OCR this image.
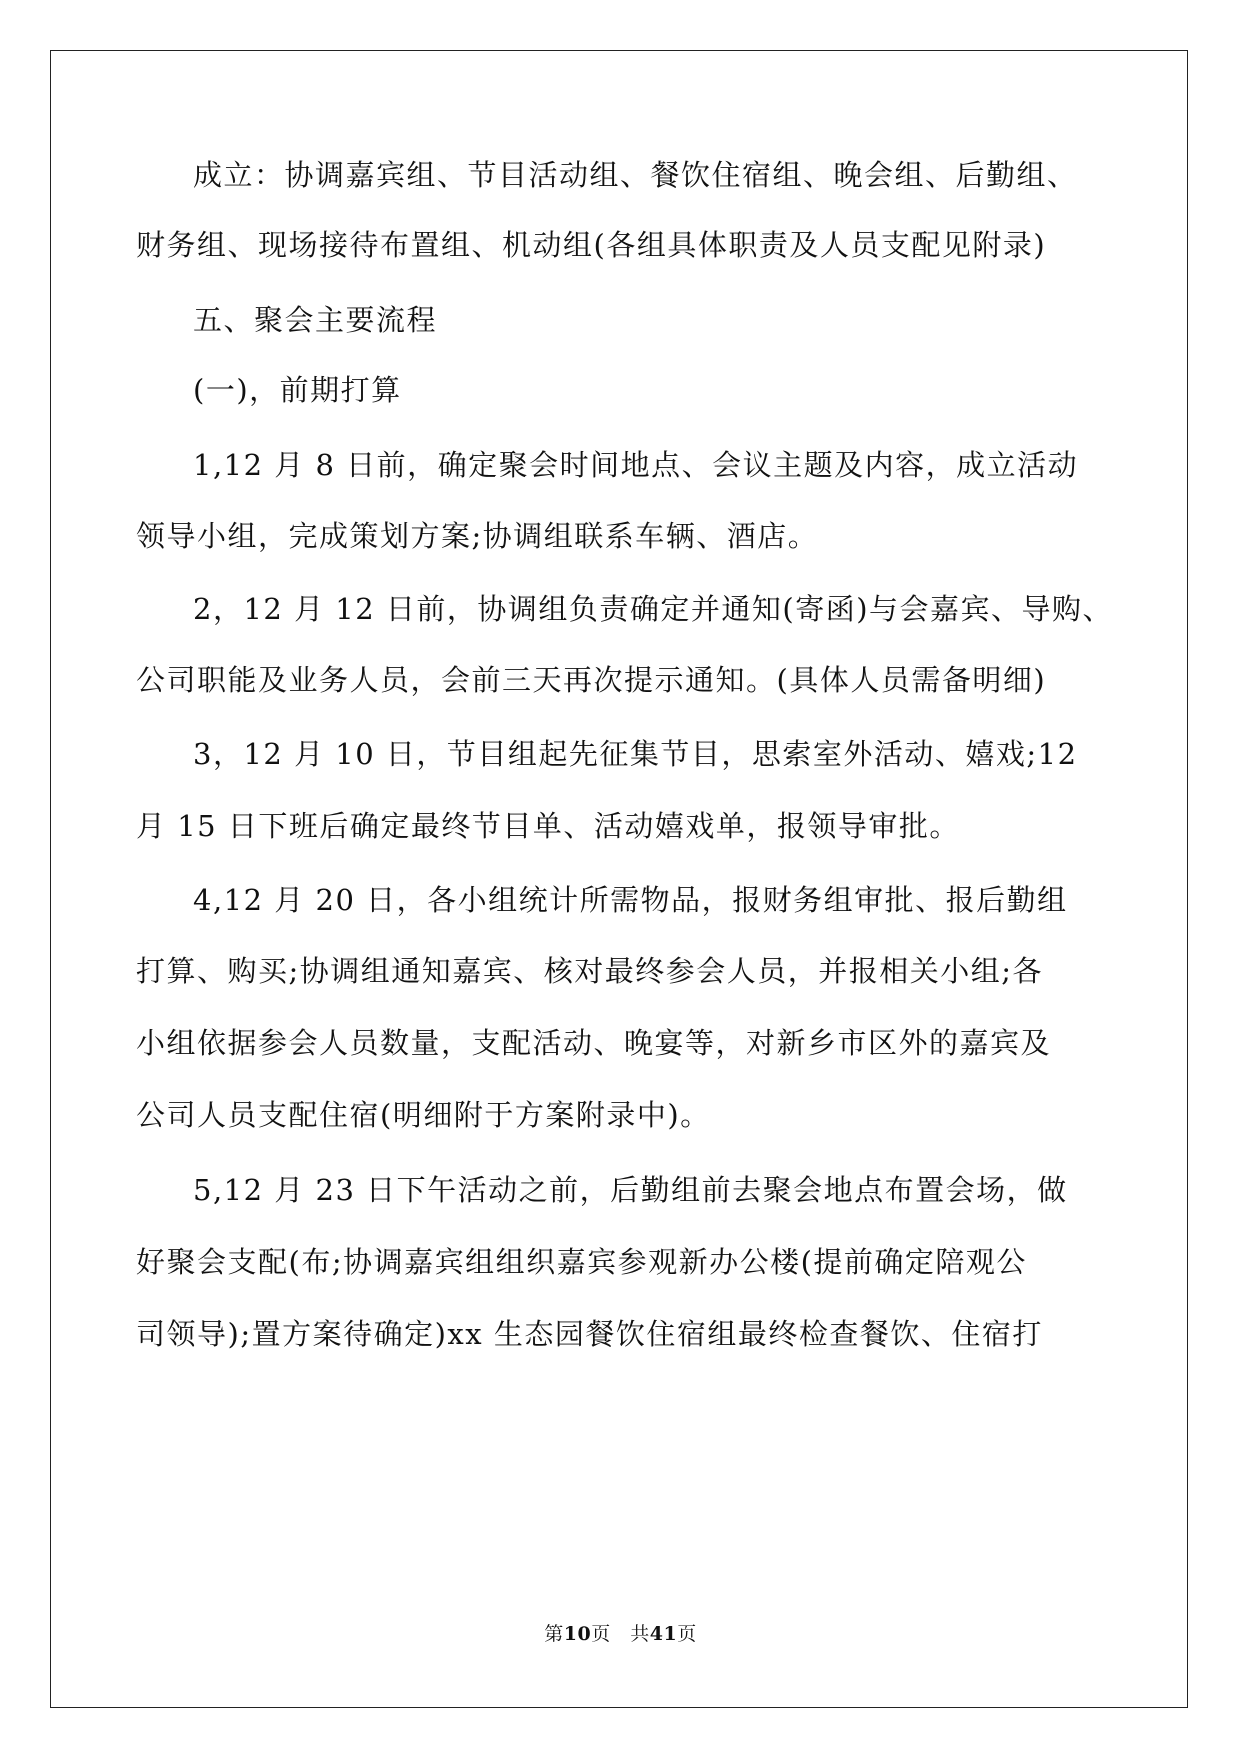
成立：协调嘉宾组、节目活动组、餐饮住宿组、晚会组、后勤组、
财务组、现场接待布置组、机动组(各组具体职责及人员支配见附录)
五、聚会主要流程
(一)，前期打算
1,12 月 8 日前，确定聚会时间地点、会议主题及内容，成立活动
领导小组，完成策划方案;协调组联系车辆、酒店。
2，12 月 12 日前，协调组负责确定并通知(寄函)与会嘉宾、导购、
公司职能及业务人员，会前三天再次提示通知。(具体人员需备明细)
3，12 月 10 日，节目组起先征集节目，思索室外活动、嬉戏;12
月 15 日下班后确定最终节目单、活动嬉戏单，报领导审批。
4,12 月 20 日，各小组统计所需物品，报财务组审批、报后勤组
打算、购买;协调组通知嘉宾、核对最终参会人员，并报相关小组;各
小组依据参会人员数量，支配活动、晚宴等，对新乡市区外的嘉宾及
公司人员支配住宿(明细附于方案附录中)。
5,12 月 23 日下午活动之前，后勤组前去聚会地点布置会场，做
好聚会支配(布;协调嘉宾组组织嘉宾参观新办公楼(提前确定陪观公
司领导);置方案待确定)xx 生态园餐饮住宿组最终检查餐饮、住宿打
第10页　共41页
